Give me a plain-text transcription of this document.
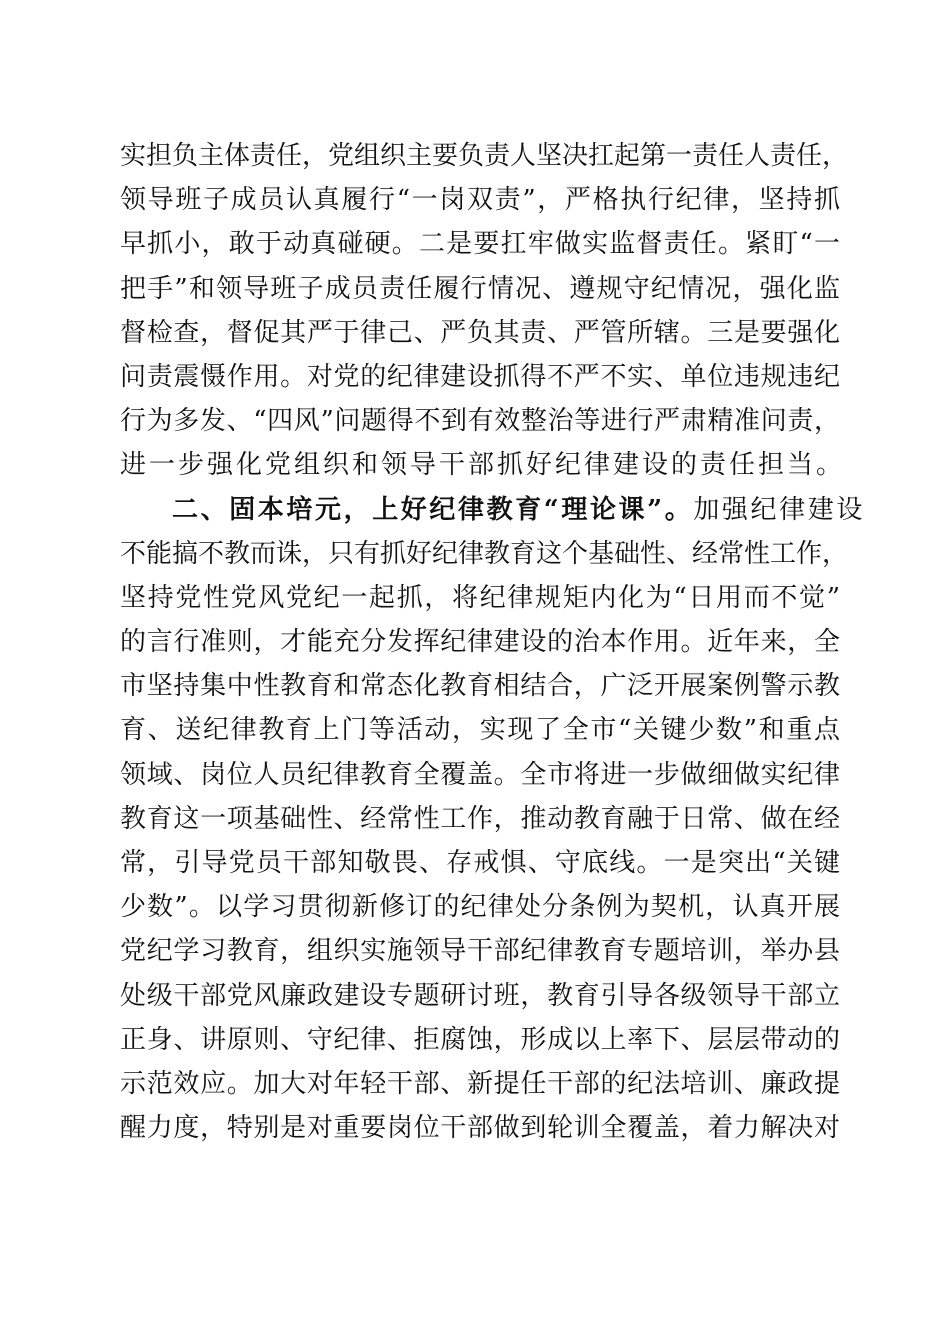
实担负主体责任，党组织主要负责人坚决扛起第一责任人责任，
领导班子成员认真履行“一岗双责”，严格执行纪律，坚持抓
早抓小，敢于动真碰硬。二是要扛牢做实监督责任。紧盯“一
把手”和领导班子成员责任履行情况、遵规守纪情况，强化监
督检查，督促其严于律己、严负其责、严管所辖。三是要强化
问责震慑作用。对党的纪律建设抓得不严不实、单位违规违纪
行为多发、“四风”问题得不到有效整治等进行严肃精准问责，
进一步强化党组织和领导干部抓好纪律建设的责任担当。
二、固本培元，上好纪律教育“理论课”。 加强纪律建设
不能搞不教而诛，只有抓好纪律教育这个基础性、经常性工作，
坚持党性党风党纪一起抓，将纪律规矩内化为“日用而不觉”
的言行准则，才能充分发挥纪律建设的治本作用。近年来，全
市坚持集中性教育和常态化教育相结合，广泛开展案例警示教
育、送纪律教育上门等活动，实现了全市“关键少数”和重点
领域、岗位人员纪律教育全覆盖。全市将进一步做细做实纪律
教育这一项基础性、经常性工作，推动教育融于日常、做在经
常，引导党员干部知敬畏、存戒惧、守底线。一是突出“关键
少数”。以学习贯彻新修订的纪律处分条例为契机，认真开展
党纪学习教育，组织实施领导干部纪律教育专题培训，举办县
处级干部党风廉政建设专题研讨班，教育引导各级领导干部立
正身、讲原则、守纪律、拒腐蚀，形成以上率下、层层带动的
示范效应。加大对年轻干部、新提任干部的纪法培训、廉政提
醒力度，特别是对重要岗位干部做到轮训全覆盖，着力解决对
